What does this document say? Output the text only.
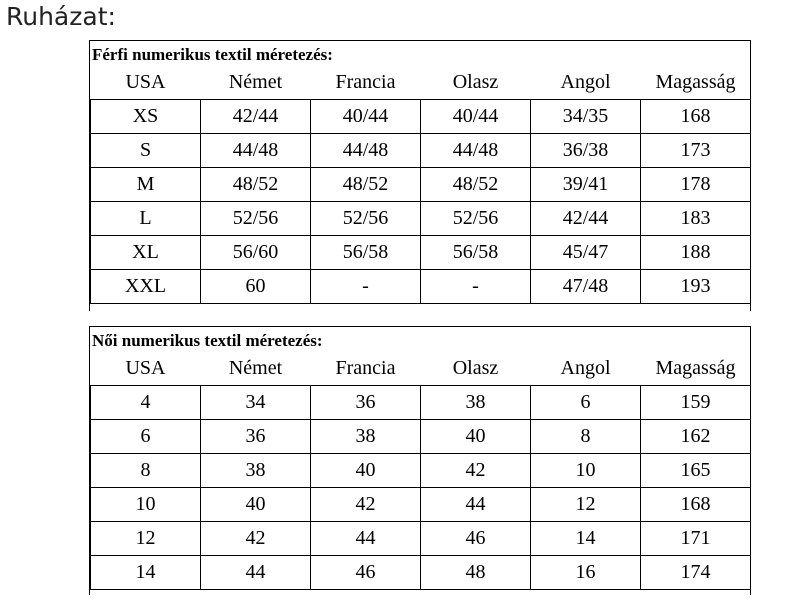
Ruházat:
Férfi numerikus textil méretezés:
USA	Német	Francia	Olasz	Angol	Magasság
XS	42/44	40/44	40/44	34/35	168
S	44/48	44/48	44/48	36/38	173
M	48/52	48/52	48/52	39/41	178
L	52/56	52/56	52/56	42/44	183
XL	56/60	56/58	56/58	45/47	188
XXL	60	-	-	47/48	193
Női numerikus textil méretezés:
USA	Német	Francia	Olasz	Angol	Magasság
4	34	36	38	6	159
6	36	38	40	8	162
8	38	40	42	10	165
10	40	42	44	12	168
12	42	44	46	14	171
14	44	46	48	16	174
